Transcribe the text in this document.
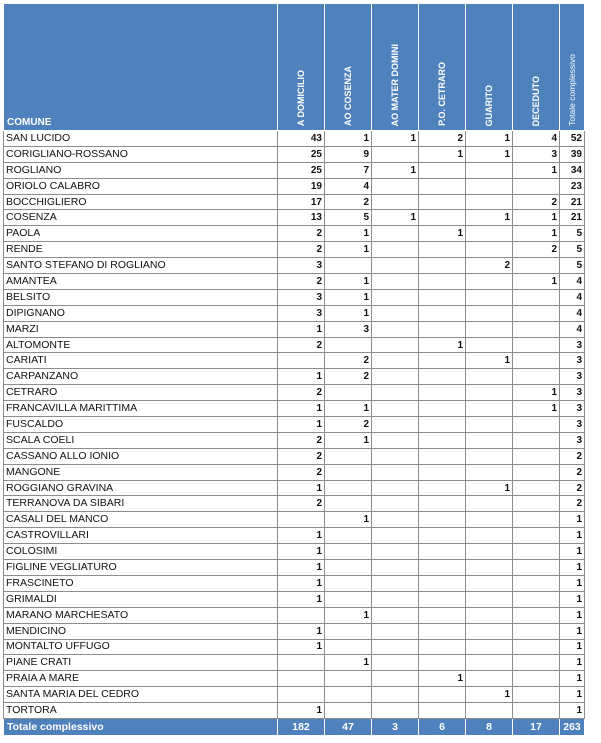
COMUNE	A DOMICILIO	AO COSENZA	AO MATER DOMINI	P.O. CETRARO	GUARITO	DECEDUTO	Totale complessivo

SAN LUCIDO	43	1	1	2	1	4	52
CORIGLIANO-ROSSANO	25	9		1	1	3	39
ROGLIANO	25	7	1			1	34
ORIOLO CALABRO	19	4					23
BOCCHIGLIERO	17	2				2	21
COSENZA	13	5	1		1	1	21
PAOLA	2	1		1		1	5
RENDE	2	1				2	5
SANTO STEFANO DI ROGLIANO	3				2		5
AMANTEA	2	1				1	4
BELSITO	3	1					4
DIPIGNANO	3	1					4
MARZI	1	3					4
ALTOMONTE	2			1			3
CARIATI		2			1		3
CARPANZANO	1	2					3
CETRARO	2					1	3
FRANCAVILLA MARITTIMA	1	1				1	3
FUSCALDO	1	2					3
SCALA COELI	2	1					3
CASSANO ALLO IONIO	2						2
MANGONE	2						2
ROGGIANO GRAVINA	1				1		2
TERRANOVA DA SIBARI	2						2
CASALI DEL MANCO		1					1
CASTROVILLARI	1						1
COLOSIMI	1						1
FIGLINE VEGLIATURO	1						1
FRASCINETO	1						1
GRIMALDI	1						1
MARANO MARCHESATO		1					1
MENDICINO	1						1
MONTALTO UFFUGO	1						1
PIANE CRATI		1					1
PRAIA A MARE				1			1
SANTA MARIA DEL CEDRO					1		1
TORTORA	1						1
Totale complessivo	182	47	3	6	8	17	263
